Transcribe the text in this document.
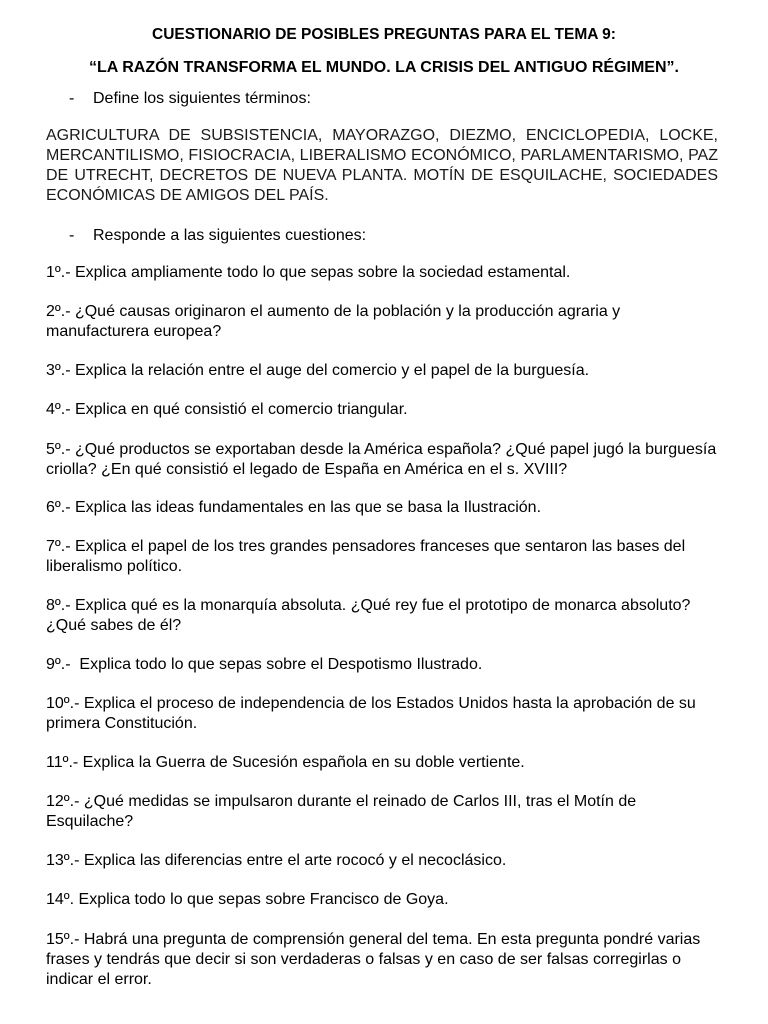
CUESTIONARIO DE POSIBLES PREGUNTAS PARA EL TEMA 9:
“LA RAZÓN TRANSFORMA EL MUNDO. LA CRISIS DEL ANTIGUO RÉGIMEN”.
- Define los siguientes términos:
AGRICULTURA DE SUBSISTENCIA, MAYORAZGO, DIEZMO, ENCICLOPEDIA, LOCKE, MERCANTILISMO, FISIOCRACIA, LIBERALISMO ECONÓMICO, PARLAMENTARISMO, PAZ DE UTRECHT, DECRETOS DE NUEVA PLANTA. MOTÍN DE ESQUILACHE, SOCIEDADES ECONÓMICAS DE AMIGOS DEL PAÍS.
- Responde a las siguientes cuestiones:
1º.- Explica ampliamente todo lo que sepas sobre la sociedad estamental.
2º.- ¿Qué causas originaron el aumento de la población y la producción agraria y manufacturera europea?
3º.- Explica la relación entre el auge del comercio y el papel de la burguesía.
4º.- Explica en qué consistió el comercio triangular.
5º.- ¿Qué productos se exportaban desde la América española? ¿Qué papel jugó la burguesía criolla? ¿En qué consistió el legado de España en América en el s. XVIII?
6º.- Explica las ideas fundamentales en las que se basa la Ilustración.
7º.- Explica el papel de los tres grandes pensadores franceses que sentaron las bases del liberalismo político.
8º.- Explica qué es la monarquía absoluta. ¿Qué rey fue el prototipo de monarca absoluto? ¿Qué sabes de él?
9º.-  Explica todo lo que sepas sobre el Despotismo Ilustrado.
10º.- Explica el proceso de independencia de los Estados Unidos hasta la aprobación de su primera Constitución.
11º.- Explica la Guerra de Sucesión española en su doble vertiente.
12º.- ¿Qué medidas se impulsaron durante el reinado de Carlos III, tras el Motín de Esquilache?
13º.- Explica las diferencias entre el arte rococó y el necoclásico.
14º. Explica todo lo que sepas sobre Francisco de Goya.
15º.- Habrá una pregunta de comprensión general del tema. En esta pregunta pondré varias frases y tendrás que decir si son verdaderas o falsas y en caso de ser falsas corregirlas o indicar el error.
